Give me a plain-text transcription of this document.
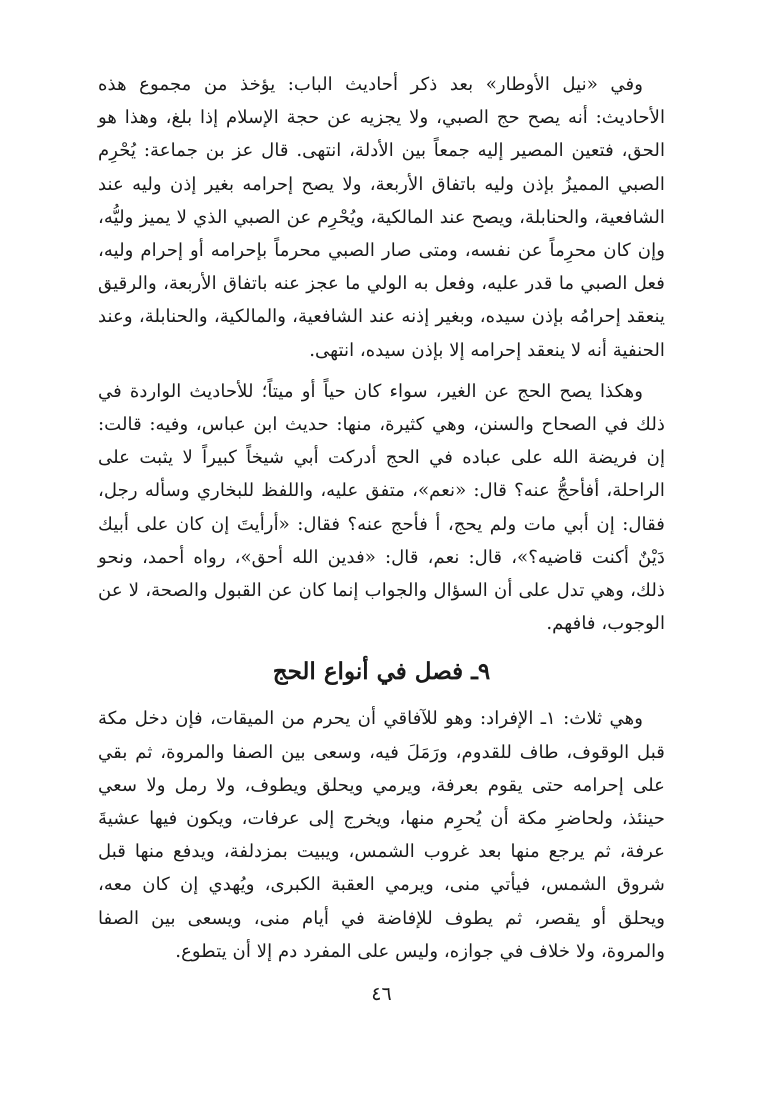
وفي «نيل الأوطار» بعد ذكر أحاديث الباب: يؤخذ من مجموع هذه الأحاديث: أنه يصح حج الصبي، ولا يجزيه عن حجة الإسلام إذا بلغ، وهذا هو الحق، فتعين المصير إليه جمعاً بين الأدلة، انتهى. قال عز بن جماعة: يُحْرِم الصبي المميزُ بإذن وليه باتفاق الأربعة، ولا يصح إحرامه بغير إذن وليه عند الشافعية، والحنابلة، ويصح عند المالكية، ويُحْرِم عن الصبي الذي لا يميز وليُّه، وإن كان محرِماً عن نفسه، ومتى صار الصبي محرماً بإحرامه أو إحرام وليه، فعل الصبي ما قدر عليه، وفعل به الولي ما عجز عنه باتفاق الأربعة، والرقيق ينعقد إحرامُه بإذن سيده، وبغير إذنه عند الشافعية، والمالكية، والحنابلة، وعند الحنفية أنه لا ينعقد إحرامه إلا بإذن سيده، انتهى.

وهكذا يصح الحج عن الغير، سواء كان حياً أو ميتاً؛ للأحاديث الواردة في ذلك في الصحاح والسنن، وهي كثيرة، منها: حديث ابن عباس، وفيه: قالت: إن فريضة الله على عباده في الحج أدركت أبي شيخاً كبيراً لا يثبت على الراحلة، أفأحجُّ عنه؟ قال: «نعم»، متفق عليه، واللفظ للبخاري وسأله رجل، فقال: إن أبي مات ولم يحج، أ فأحج عنه؟ فقال: «أرأيتَ إن كان على أبيك دَيْنٌ أكنت قاضيه؟»، قال: نعم، قال: «فدين الله أحق»، رواه أحمد، ونحو ذلك، وهي تدل على أن السؤال والجواب إنما كان عن القبول والصحة، لا عن الوجوب، فافهم.

٩ـ فصل في أنواع الحج

وهي ثلاث: ١ـ الإفراد: وهو للآفاقي أن يحرم من الميقات، فإن دخل مكة قبل الوقوف، طاف للقدوم، ورَمَلَ فيه، وسعى بين الصفا والمروة، ثم بقي على إحرامه حتى يقوم بعرفة، ويرمي ويحلق ويطوف، ولا رمل ولا سعي حينئذ، ولحاضرِ مكة أن يُحرِم منها، ويخرج إلى عرفات، ويكون فيها عشيةَ عرفة، ثم يرجع منها بعد غروب الشمس، ويبيت بمزدلفة، ويدفع منها قبل شروق الشمس، فيأتي منى، ويرمي العقبة الكبرى، ويُهدي إن كان معه، ويحلق أو يقصر، ثم يطوف للإفاضة في أيام منى، ويسعى بين الصفا والمروة، ولا خلاف في جوازه، وليس على المفرد دم إلا أن يتطوع.

٤٦
